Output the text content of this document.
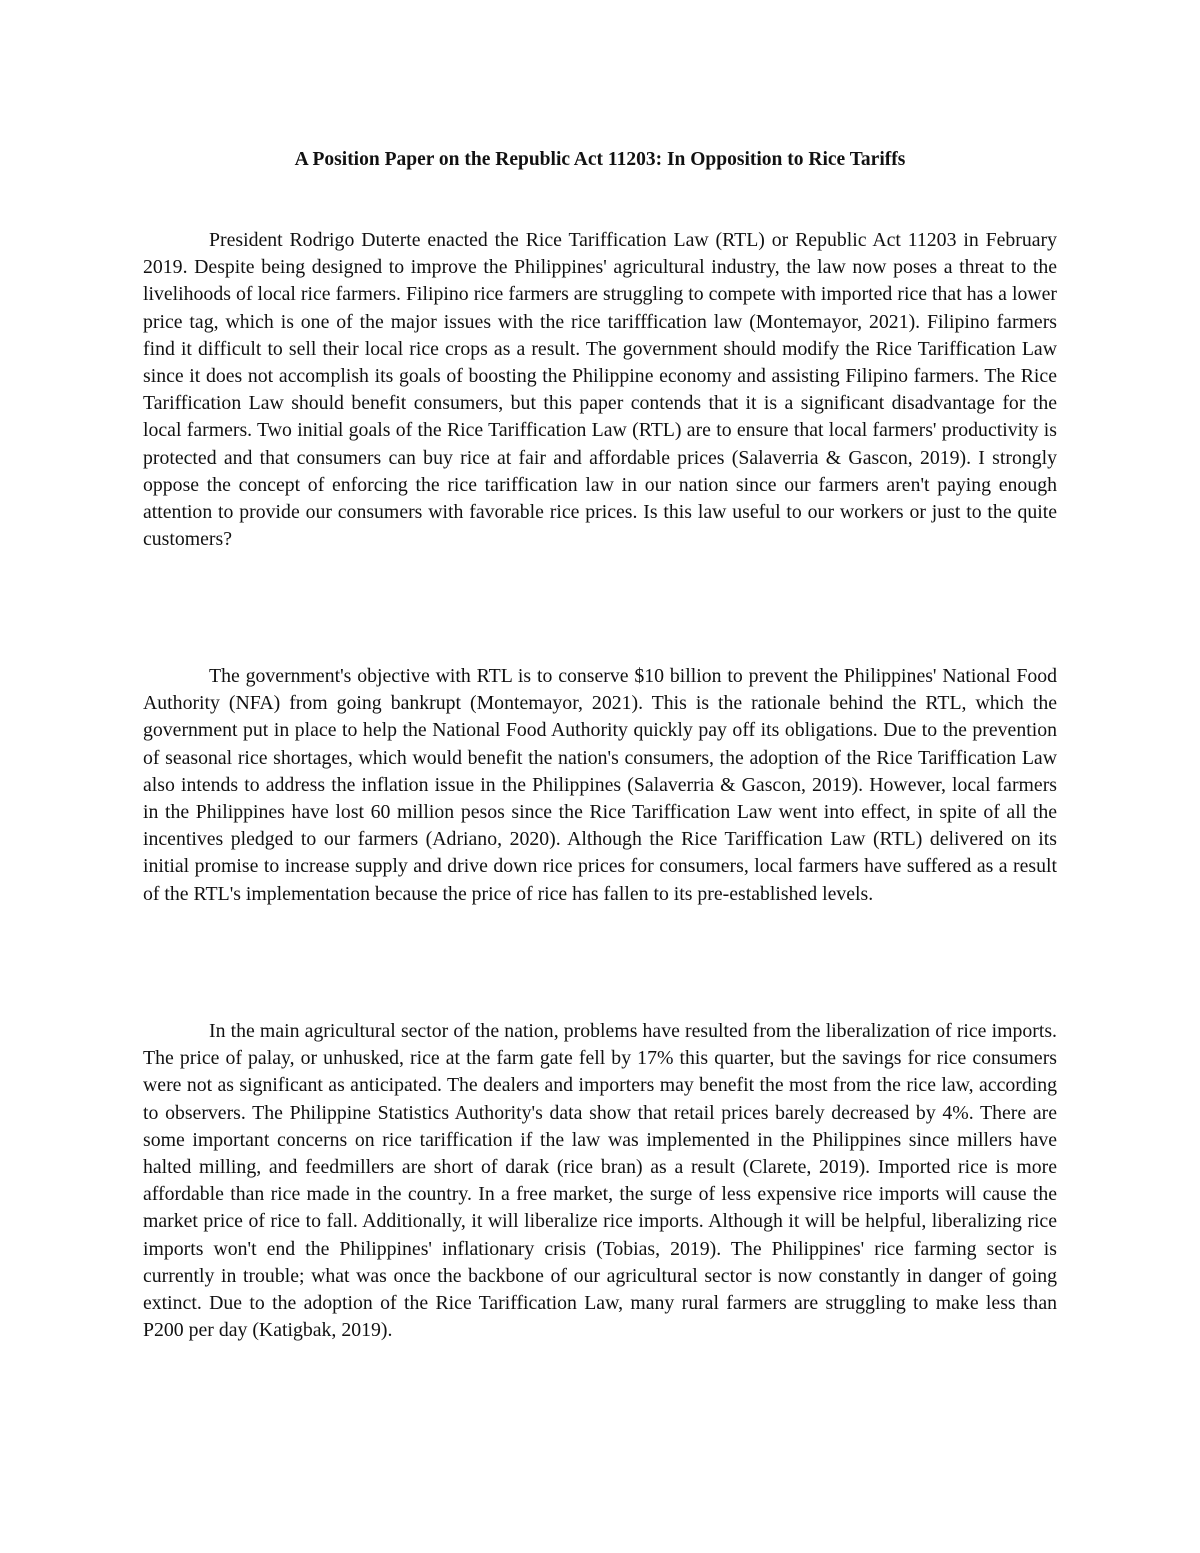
A Position Paper on the Republic Act 11203: In Opposition to Rice Tariffs

President Rodrigo Duterte enacted the Rice Tariffication Law (RTL) or Republic Act 11203 in February 2019. Despite being designed to improve the Philippines' agricultural industry, the law now poses a threat to the livelihoods of local rice farmers. Filipino rice farmers are struggling to compete with imported rice that has a lower price tag, which is one of the major issues with the rice tarifffication law (Montemayor, 2021). Filipino farmers find it difficult to sell their local rice crops as a result. The government should modify the Rice Tariffication Law since it does not accomplish its goals of boosting the Philippine economy and assisting Filipino farmers. The Rice Tariffication Law should benefit consumers, but this paper contends that it is a significant disadvantage for the local farmers. Two initial goals of the Rice Tariffication Law (RTL) are to ensure that local farmers' productivity is protected and that consumers can buy rice at fair and affordable prices (Salaverria & Gascon, 2019). I strongly oppose the concept of enforcing the rice tariffication law in our nation since our farmers aren't paying enough attention to provide our consumers with favorable rice prices. Is this law useful to our workers or just to the quite customers?

The government's objective with RTL is to conserve $10 billion to prevent the Philippines' National Food Authority (NFA) from going bankrupt (Montemayor, 2021). This is the rationale behind the RTL, which the government put in place to help the National Food Authority quickly pay off its obligations. Due to the prevention of seasonal rice shortages, which would benefit the nation's consumers, the adoption of the Rice Tariffication Law also intends to address the inflation issue in the Philippines (Salaverria & Gascon, 2019). However, local farmers in the Philippines have lost 60 million pesos since the Rice Tariffication Law went into effect, in spite of all the incentives pledged to our farmers (Adriano, 2020). Although the Rice Tariffication Law (RTL) delivered on its initial promise to increase supply and drive down rice prices for consumers, local farmers have suffered as a result of the RTL's implementation because the price of rice has fallen to its pre-established levels.

In the main agricultural sector of the nation, problems have resulted from the liberalization of rice imports. The price of palay, or unhusked, rice at the farm gate fell by 17% this quarter, but the savings for rice consumers were not as significant as anticipated. The dealers and importers may benefit the most from the rice law, according to observers. The Philippine Statistics Authority's data show that retail prices barely decreased by 4%. There are some important concerns on rice tariffication if the law was implemented in the Philippines since millers have halted milling, and feedmillers are short of darak (rice bran) as a result (Clarete, 2019). Imported rice is more affordable than rice made in the country. In a free market, the surge of less expensive rice imports will cause the market price of rice to fall. Additionally, it will liberalize rice imports. Although it will be helpful, liberalizing rice imports won't end the Philippines' inflationary crisis (Tobias, 2019). The Philippines' rice farming sector is currently in trouble; what was once the backbone of our agricultural sector is now constantly in danger of going extinct. Due to the adoption of the Rice Tariffication Law, many rural farmers are struggling to make less than P200 per day (Katigbak, 2019).
